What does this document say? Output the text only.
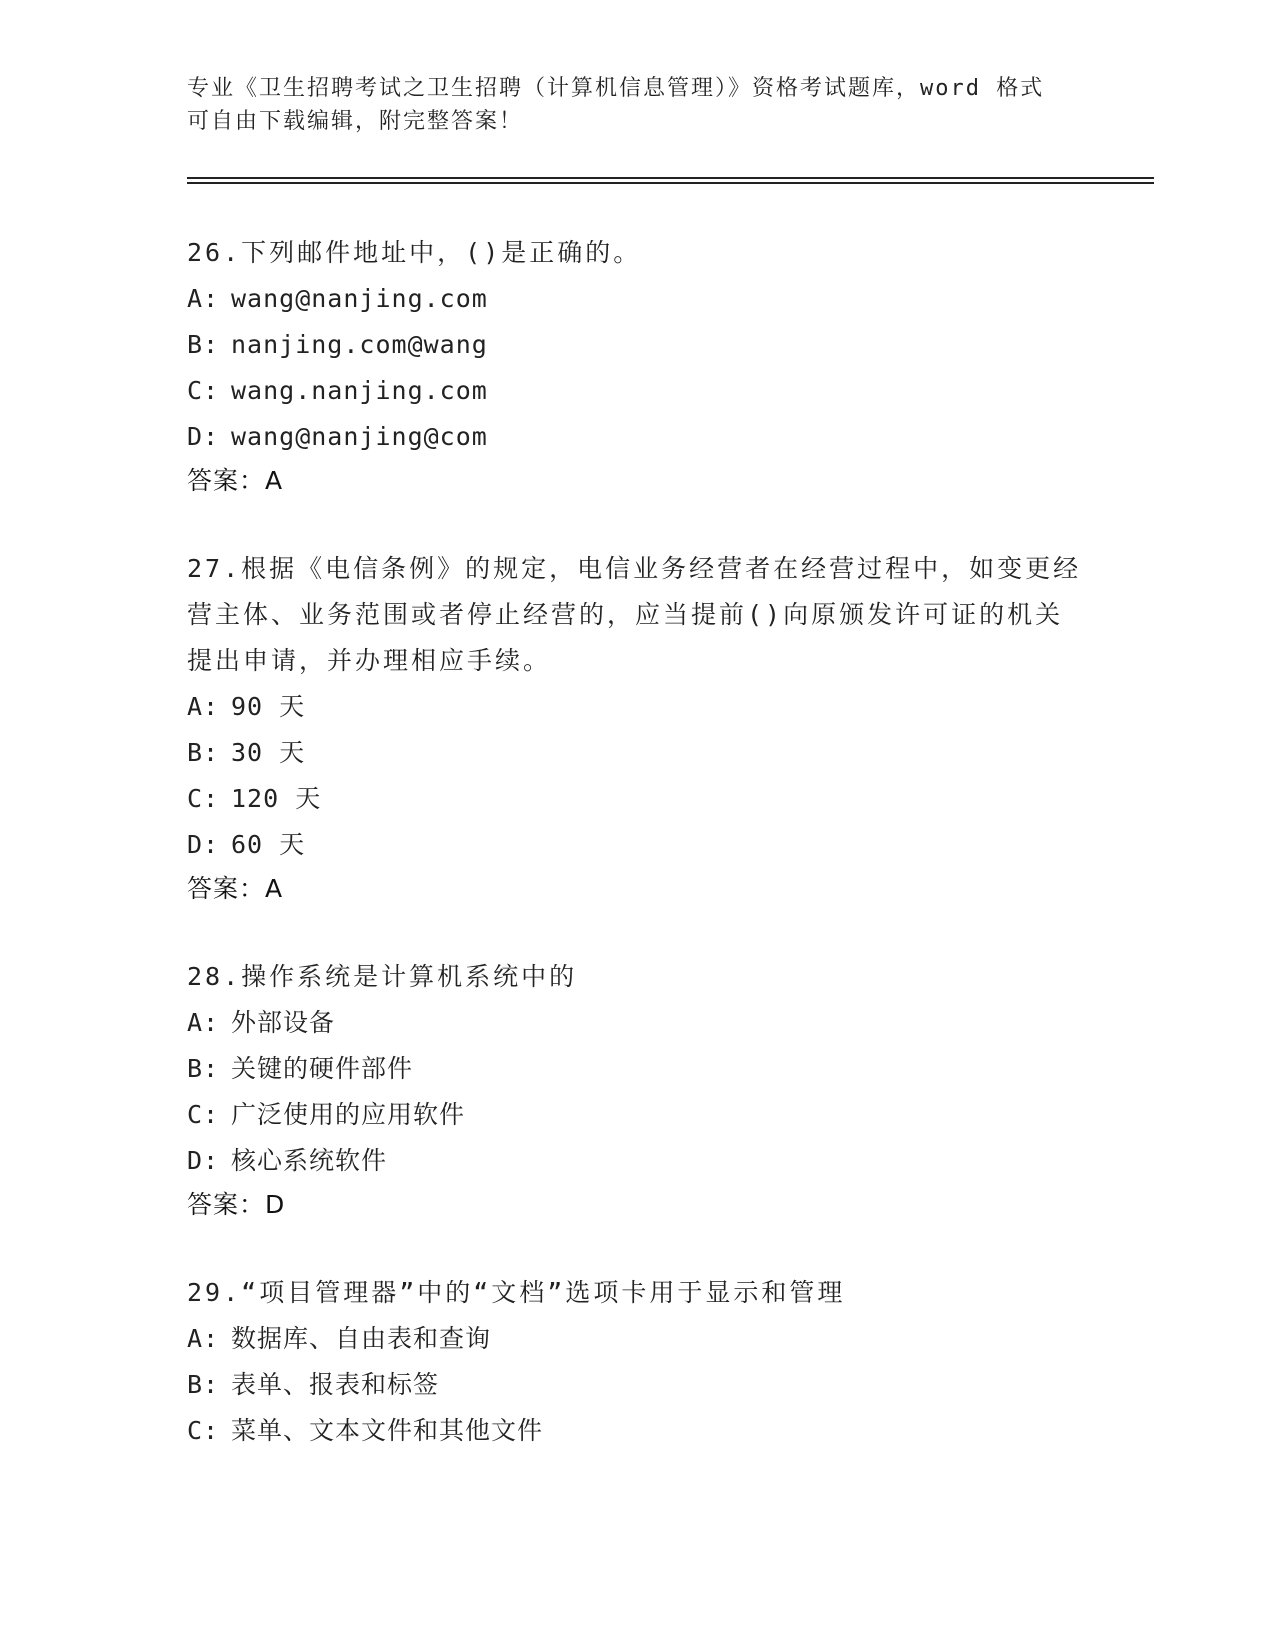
专业《卫生招聘考试之卫生招聘（计算机信息管理）》资格考试题库，word 格式
可自由下载编辑，附完整答案！
26.下列邮件地址中，()是正确的。
A: wang@nanjing.com
B: nanjing.com@wang
C: wang.nanjing.com
D: wang@nanjing@com
答案：A
27.根据《电信条例》的规定，电信业务经营者在经营过程中，如变更经营主体、业务范围或者停止经营的，应当提前()向原颁发许可证的机关提出申请，并办理相应手续。
A: 90 天
B: 30 天
C: 120 天
D: 60 天
答案：A
28.操作系统是计算机系统中的
A: 外部设备
B: 关键的硬件部件
C: 广泛使用的应用软件
D: 核心系统软件
答案：D
29.“项目管理器”中的“文档”选项卡用于显示和管理
A: 数据库、自由表和查询
B: 表单、报表和标签
C: 菜单、文本文件和其他文件
